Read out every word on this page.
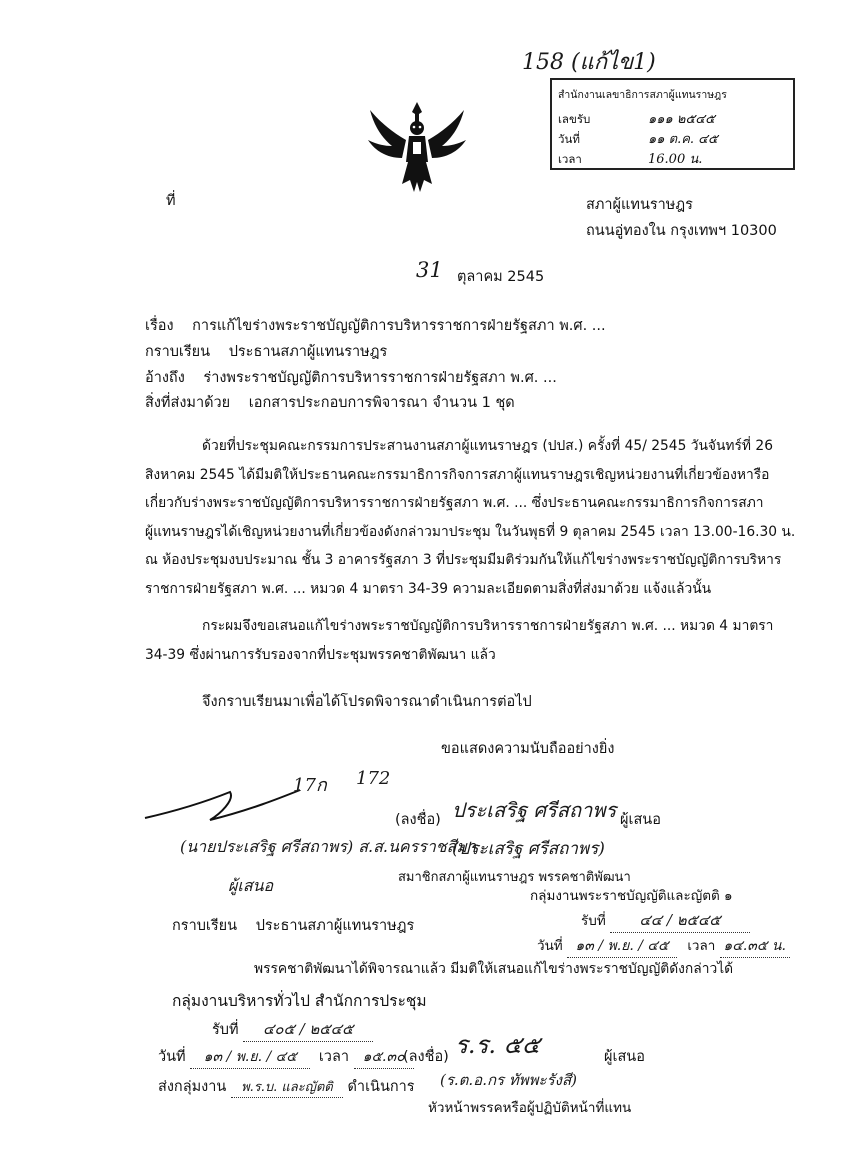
158 (แก้ไข1)
สำนักงานเลขาธิการสภาผู้แทนราษฎร
เลขรับ	๑๑๑ ๒๕๔๕
วันที่	๑๑ ต.ค. ๔๕
เวลา	16.00 น.
ที่	สภาผู้แทนราษฎร
ถนนอู่ทองใน กรุงเทพฯ 10300
31 ตุลาคม 2545
เรื่อง การแก้ไขร่างพระราชบัญญัติการบริหารราชการฝ่ายรัฐสภา พ.ศ. ...
กราบเรียน ประธานสภาผู้แทนราษฎร
อ้างถึง ร่างพระราชบัญญัติการบริหารราชการฝ่ายรัฐสภา พ.ศ. ...
สิ่งที่ส่งมาด้วย เอกสารประกอบการพิจารณา จำนวน 1 ชุด
ด้วยที่ประชุมคณะกรรมการประสานงานสภาผู้แทนราษฎร (ปปส.) ครั้งที่ 45/ 2545 วันจันทร์ที่ 26
สิงหาคม 2545 ได้มีมติให้ประธานคณะกรรมาธิการกิจการสภาผู้แทนราษฎรเชิญหน่วยงานที่เกี่ยวข้องหารือ
เกี่ยวกับร่างพระราชบัญญัติการบริหารราชการฝ่ายรัฐสภา พ.ศ. ... ซึ่งประธานคณะกรรมาธิการกิจการสภา
ผู้แทนราษฎรได้เชิญหน่วยงานที่เกี่ยวข้องดังกล่าวมาประชุม ในวันพุธที่ 9 ตุลาคม 2545 เวลา 13.00-16.30 น.
ณ ห้องประชุมงบประมาณ ชั้น 3 อาคารรัฐสภา 3 ที่ประชุมมีมติร่วมกันให้แก้ไขร่างพระราชบัญญัติการบริหาร
ราชการฝ่ายรัฐสภา พ.ศ. ... หมวด 4 มาตรา 34-39 ความละเอียดตามสิ่งที่ส่งมาด้วย แจ้งแล้วนั้น
กระผมจึงขอเสนอแก้ไขร่างพระราชบัญญัติการบริหารราชการฝ่ายรัฐสภา พ.ศ. ... หมวด 4 มาตรา
34-39 ซึ่งผ่านการรับรองจากที่ประชุมพรรคชาติพัฒนา แล้ว
จึงกราบเรียนมาเพื่อได้โปรดพิจารณาดำเนินการต่อไป
ขอแสดงความนับถืออย่างยิ่ง
17ก 172
(ลงชื่อ) ประเสริฐ ศรีสถาพร ผู้เสนอ
(นายประเสริฐ ศรีสถาพร) ส.ส.นครราชสีมา
(ประเสริฐ ศรีสถาพร)
ผู้เสนอ	สมาชิกสภาผู้แทนราษฎร พรรคชาติพัฒนา
กลุ่มงานพระราชบัญญัติและญัตติ ๑
รับที่ ๔๔ / ๒๕๔๕
วันที่ ๑๓ / พ.ย. / ๔๕ เวลา ๑๔.๓๕ น.
กราบเรียน ประธานสภาผู้แทนราษฎร
พรรคชาติพัฒนาได้พิจารณาแล้ว มีมติให้เสนอแก้ไขร่างพระราชบัญญัติดังกล่าวได้
กลุ่มงานบริหารทั่วไป สำนักการประชุม
รับที่ ๔๐๕ / ๒๕๔๕
วันที่ ๑๓ / พ.ย. / ๔๕ เวลา ๑๕.๓๐
ส่งกลุ่มงาน พ.ร.บ. และญัตติ ดำเนินการ
(ลงชื่อ) ร.ร. ๕๕	ผู้เสนอ
(ร.ต.อ.กร ทัพพะรังสี)
หัวหน้าพรรคหรือผู้ปฏิบัติหน้าที่แทน
